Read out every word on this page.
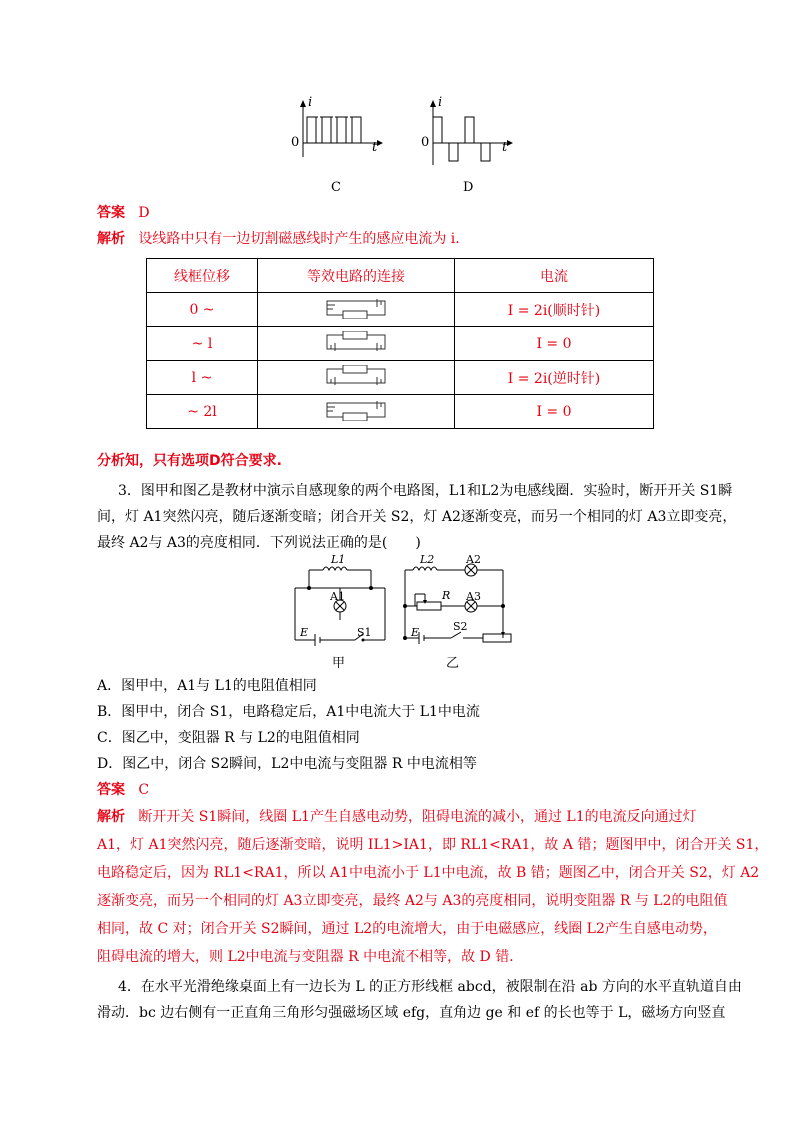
i
t
0
C
i
t
0
D
答案 D
解析 设线路中只有一边切割磁感线时产生的感应电流为 i.
线框位移	等效电路的连接	电流
0 ~		I = 2i(顺时针)
~ l		I = 0
l ~		I = 2i(逆时针)
~ 2l		I = 0
分析知，只有选项D符合要求.
3．图甲和图乙是教材中演示自感现象的两个电路图，L1和L2为电感线圈．实验时，断开开关 S1瞬
间，灯 A1突然闪亮，随后逐渐变暗；闭合开关 S2，灯 A2逐渐变亮，而另一个相同的灯 A3立即变亮，
最终 A2与 A3的亮度相同．下列说法正确的是(　　)
L1
A1
E	S1
甲
L2	A2
R A3
E	S2
乙
A．图甲中，A1与 L1的电阻值相同
B．图甲中，闭合 S1，电路稳定后，A1中电流大于 L1中电流
C．图乙中，变阻器 R 与 L2的电阻值相同
D．图乙中，闭合 S2瞬间，L2中电流与变阻器 R 中电流相等
答案 C
解析 断开开关 S1瞬间，线圈 L1产生自感电动势，阻碍电流的减小，通过 L1的电流反向通过灯
A1，灯 A1突然闪亮，随后逐渐变暗，说明 IL1>IA1，即 RL1<RA1，故 A 错；题图甲中，闭合开关 S1，
电路稳定后，因为 RL1<RA1，所以 A1中电流小于 L1中电流，故 B 错；题图乙中，闭合开关 S2，灯 A2
逐渐变亮，而另一个相同的灯 A3立即变亮，最终 A2与 A3的亮度相同，说明变阻器 R 与 L2的电阻值
相同，故 C 对；闭合开关 S2瞬间，通过 L2的电流增大，由于电磁感应，线圈 L2产生自感电动势，
阻碍电流的增大，则 L2中电流与变阻器 R 中电流不相等，故 D 错．
4．在水平光滑绝缘桌面上有一边长为 L 的正方形线框 abcd，被限制在沿 ab 方向的水平直轨道自由
滑动．bc 边右侧有一正直角三角形匀强磁场区域 efg，直角边 ge 和 ef 的长也等于 L，磁场方向竖直
